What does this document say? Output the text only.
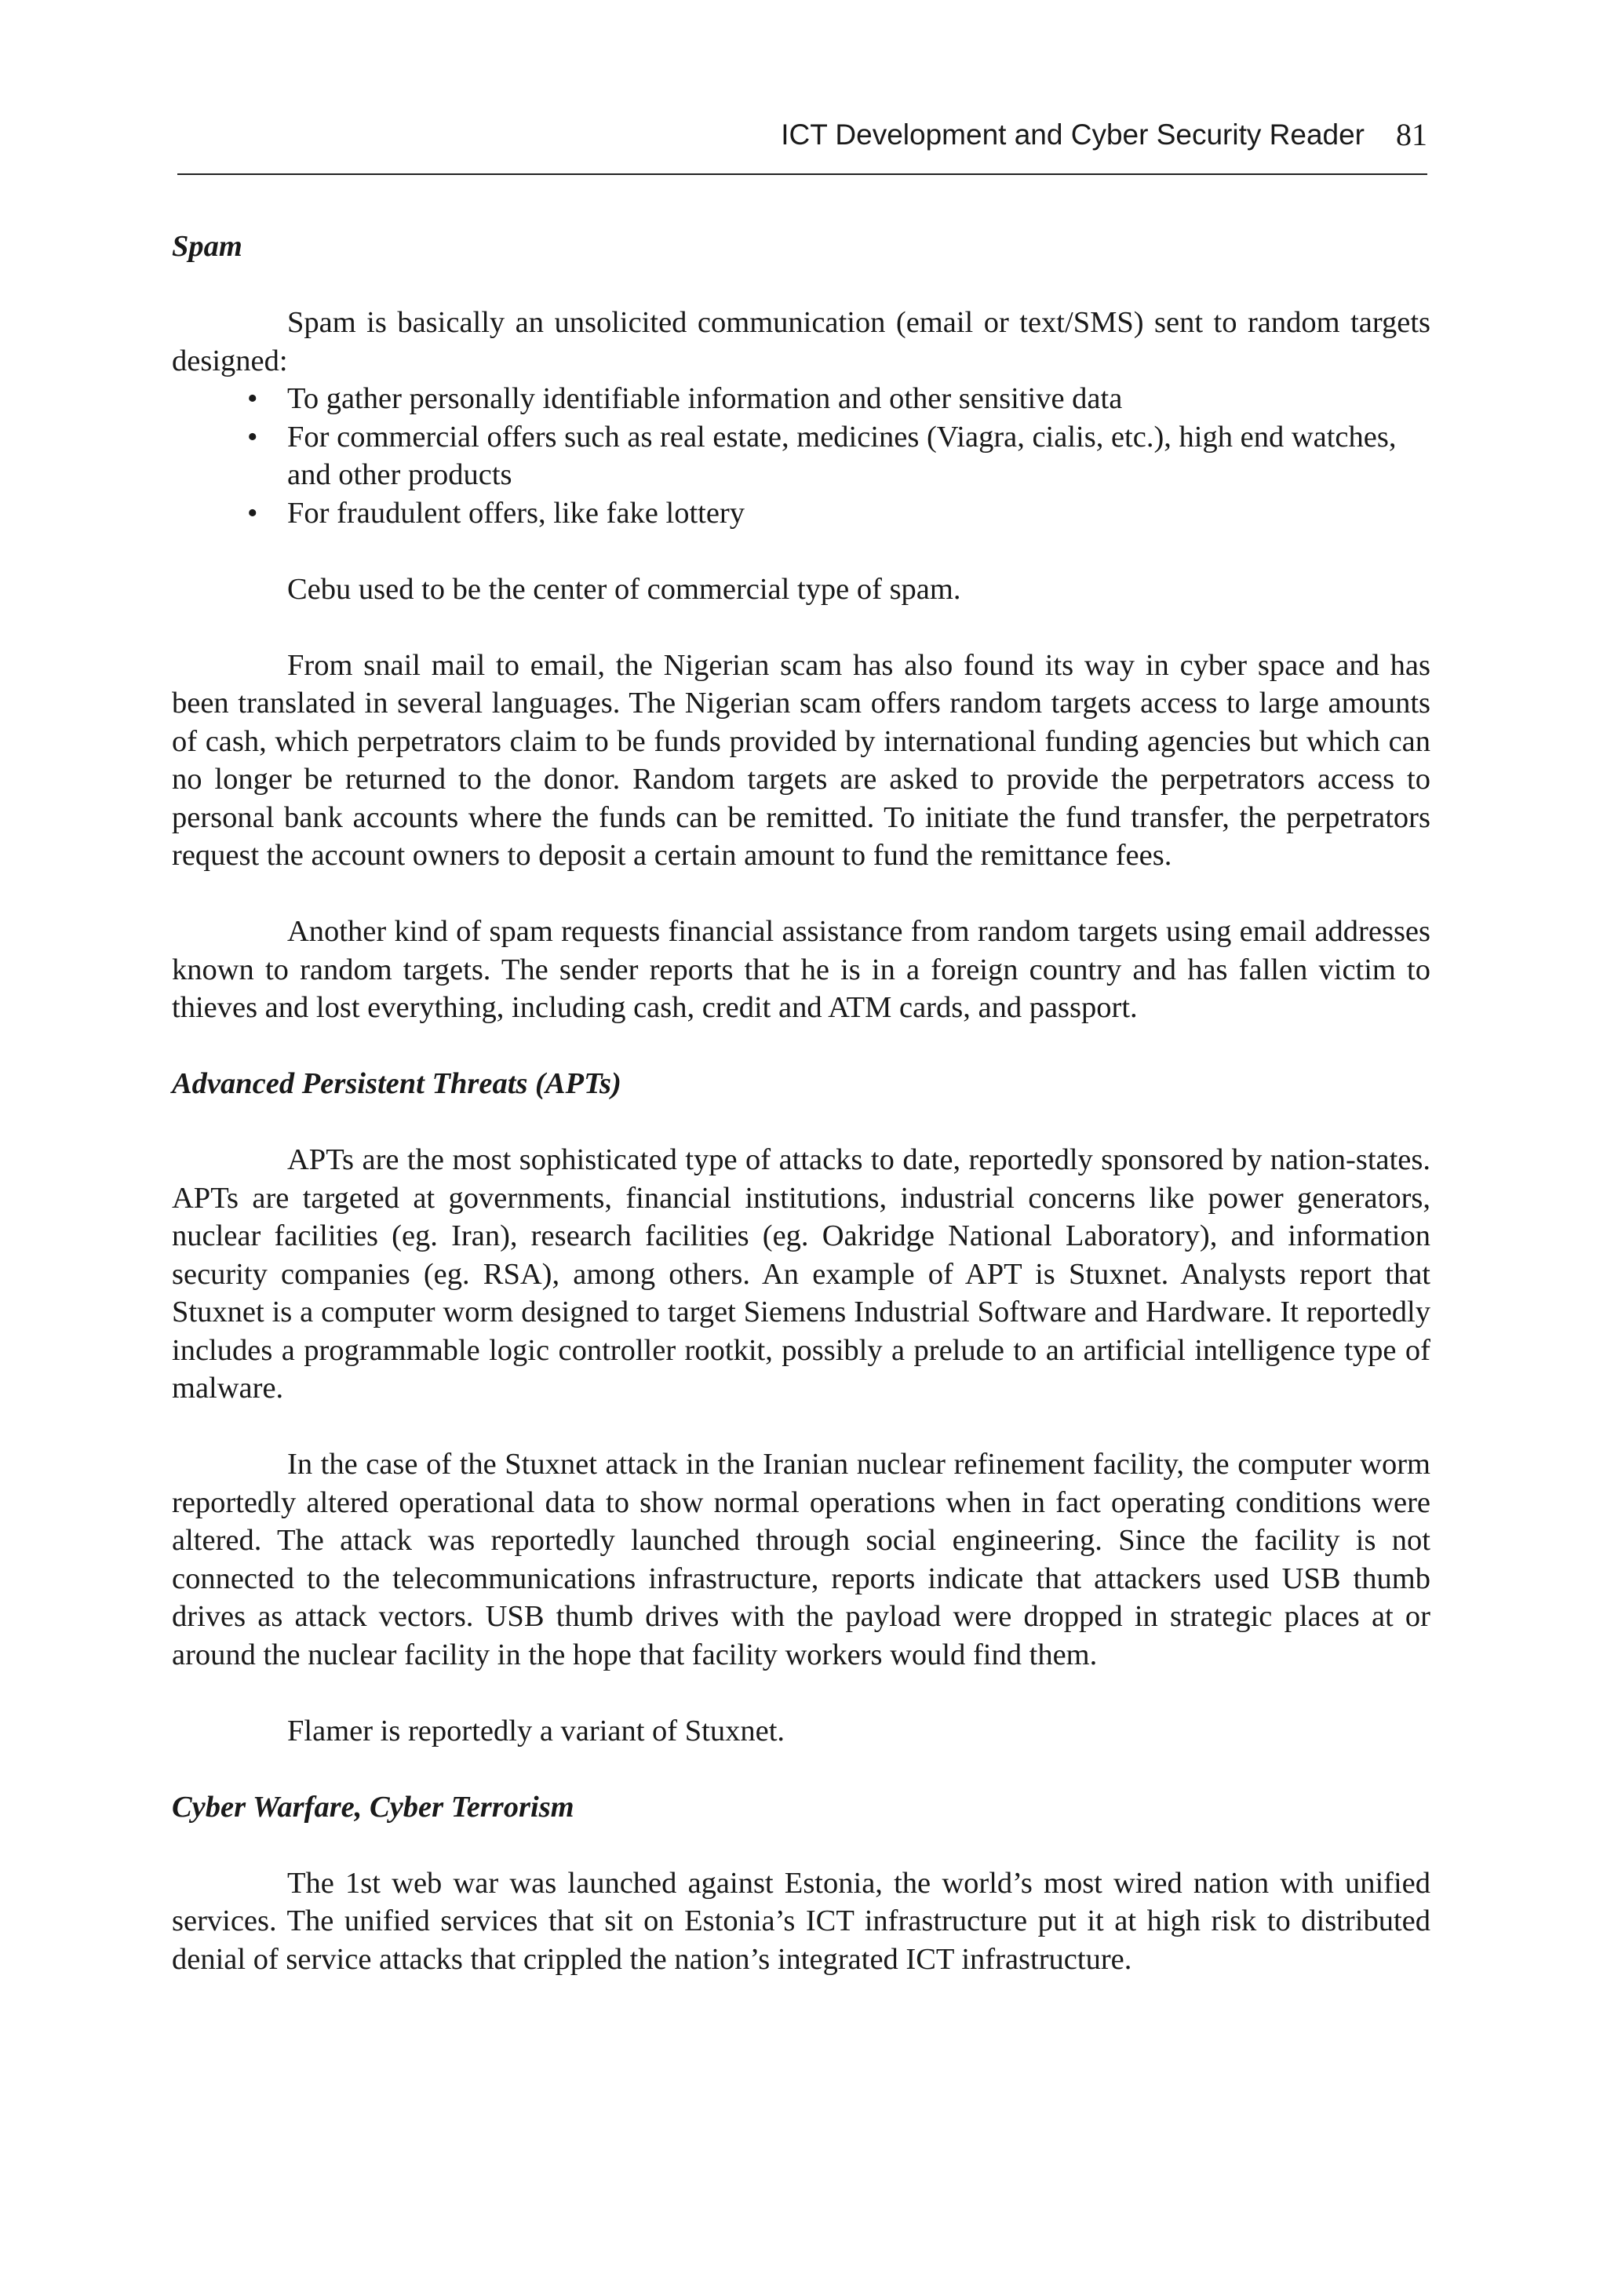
ICT Development and Cyber Security Reader 81

Spam

Spam is basically an unsolicited communication (email or text/SMS) sent to random targets designed:

• To gather personally identifiable information and other sensitive data
• For commercial offers such as real estate, medicines (Viagra, cialis, etc.), high end watches, and other products
• For fraudulent offers, like fake lottery

Cebu used to be the center of commercial type of spam.

From snail mail to email, the Nigerian scam has also found its way in cyber space and has been translated in several languages. The Nigerian scam offers random targets access to large amounts of cash, which perpetrators claim to be funds provided by international funding agencies but which can no longer be returned to the donor. Random targets are asked to provide the perpetrators access to personal bank accounts where the funds can be remitted. To initiate the fund transfer, the perpetrators request the account owners to deposit a certain amount to fund the remittance fees.

Another kind of spam requests financial assistance from random targets using email addresses known to random targets. The sender reports that he is in a foreign country and has fallen victim to thieves and lost everything, including cash, credit and ATM cards, and passport.

Advanced Persistent Threats (APTs)

APTs are the most sophisticated type of attacks to date, reportedly sponsored by nation-states. APTs are targeted at governments, financial institutions, industrial concerns like power generators, nuclear facilities (eg. Iran), research facilities (eg. Oakridge National Laboratory), and information security companies (eg. RSA), among others. An example of APT is Stuxnet. Analysts report that Stuxnet is a computer worm designed to target Siemens Industrial Software and Hardware. It reportedly includes a programmable logic controller rootkit, possibly a prelude to an artificial intelligence type of malware.

In the case of the Stuxnet attack in the Iranian nuclear refinement facility, the computer worm reportedly altered operational data to show normal operations when in fact operating conditions were altered. The attack was reportedly launched through social engineering. Since the facility is not connected to the telecommunications infrastructure, reports indicate that attackers used USB thumb drives as attack vectors. USB thumb drives with the payload were dropped in strategic places at or around the nuclear facility in the hope that facility workers would find them.

Flamer is reportedly a variant of Stuxnet.

Cyber Warfare, Cyber Terrorism

The 1st web war was launched against Estonia, the world’s most wired nation with unified services. The unified services that sit on Estonia’s ICT infrastructure put it at high risk to distributed denial of service attacks that crippled the nation’s integrated ICT infrastructure.
